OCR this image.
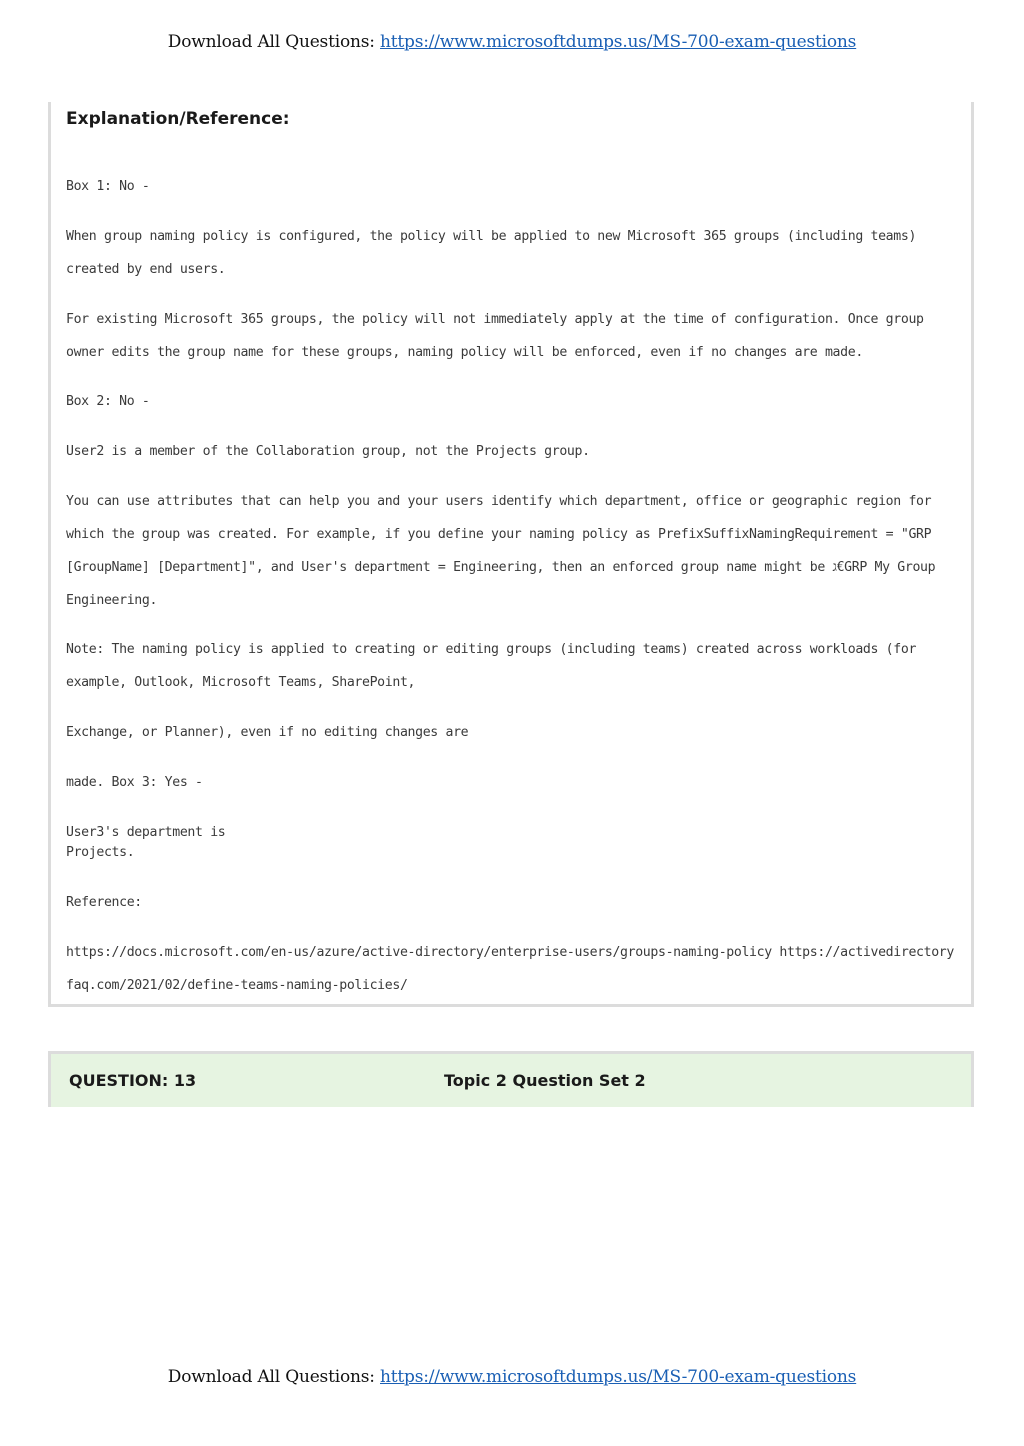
Download All Questions: https://www.microsoftdumps.us/MS-700-exam-questions
Explanation/Reference:
Box 1: No -
When group naming policy is configured, the policy will be applied to new Microsoft 365 groups (including teams) created by end users.
For existing Microsoft 365 groups, the policy will not immediately apply at the time of configuration. Once group owner edits the group name for these groups, naming policy will be enforced, even if no changes are made.
Box 2: No -
User2 is a member of the Collaboration group, not the Projects group.
You can use attributes that can help you and your users identify which department, office or geographic region for which the group was created. For example, if you define your naming policy as PrefixSuffixNamingRequirement = "GRP [GroupName] [Department]", and User's department = Engineering, then an enforced group name might be ג€GRP My Group Engineering.
Note: The naming policy is applied to creating or editing groups (including teams) created across workloads (for example, Outlook, Microsoft Teams, SharePoint,
Exchange, or Planner), even if no editing changes are
made. Box 3: Yes -
User3's department is
Projects.
Reference:
https://docs.microsoft.com/en-us/azure/active-directory/enterprise-users/groups-naming-policy https://activedirectoryfaq.com/2021/02/define-teams-naming-policies/
QUESTION: 13	Topic 2 Question Set 2
Download All Questions: https://www.microsoftdumps.us/MS-700-exam-questions
